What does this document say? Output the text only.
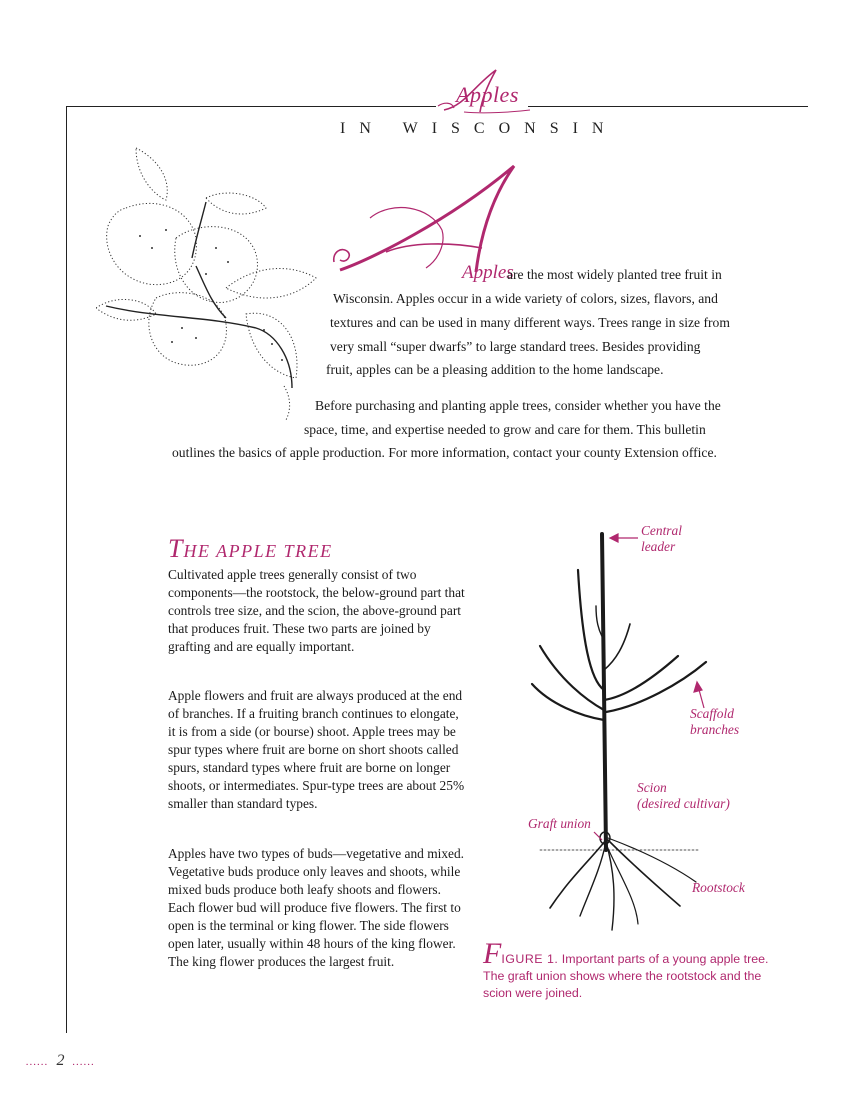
Apples
IN WISCONSIN
Apples
are the most widely planted tree fruit in
Wisconsin. Apples occur in a wide variety of colors, sizes, flavors, and
textures and can be used in many different ways. Trees range in size from
very small “super dwarfs” to large standard trees. Besides providing
fruit, apples can be a pleasing addition to the home landscape.
Before purchasing and planting apple trees, consider whether you have the
space, time, and expertise needed to grow and care for them. This bulletin
outlines the basics of apple production. For more information, contact your county Extension office.
THE APPLE TREE
Cultivated apple trees generally consist of two components—the rootstock, the below-ground part that controls tree size, and the scion, the above-ground part that produces fruit. These two parts are joined by grafting and are equally important.
Apple flowers and fruit are always produced at the end of branches. If a fruiting branch continues to elongate, it is from a side (or bourse) shoot. Apple trees may be spur types where fruit are borne on short shoots called spurs, standard types where fruit are borne on longer shoots, or intermediates. Spur-type trees are about 25% smaller than standard types.
Apples have two types of buds—vegetative and mixed. Vegetative buds produce only leaves and shoots, while mixed buds produce both leafy shoots and flowers. Each flower bud will produce five flowers. The first to open is the terminal or king flower. The side flowers open later, usually within 48 hours of the king flower. The king flower produces the largest fruit.
Central
leader
Scaffold
branches
Scion
(desired cultivar)
Graft union
Rootstock
FIGURE 1. Important parts of a young apple tree. The graft union shows where the rootstock and the scion were joined.
...... 2 ......
